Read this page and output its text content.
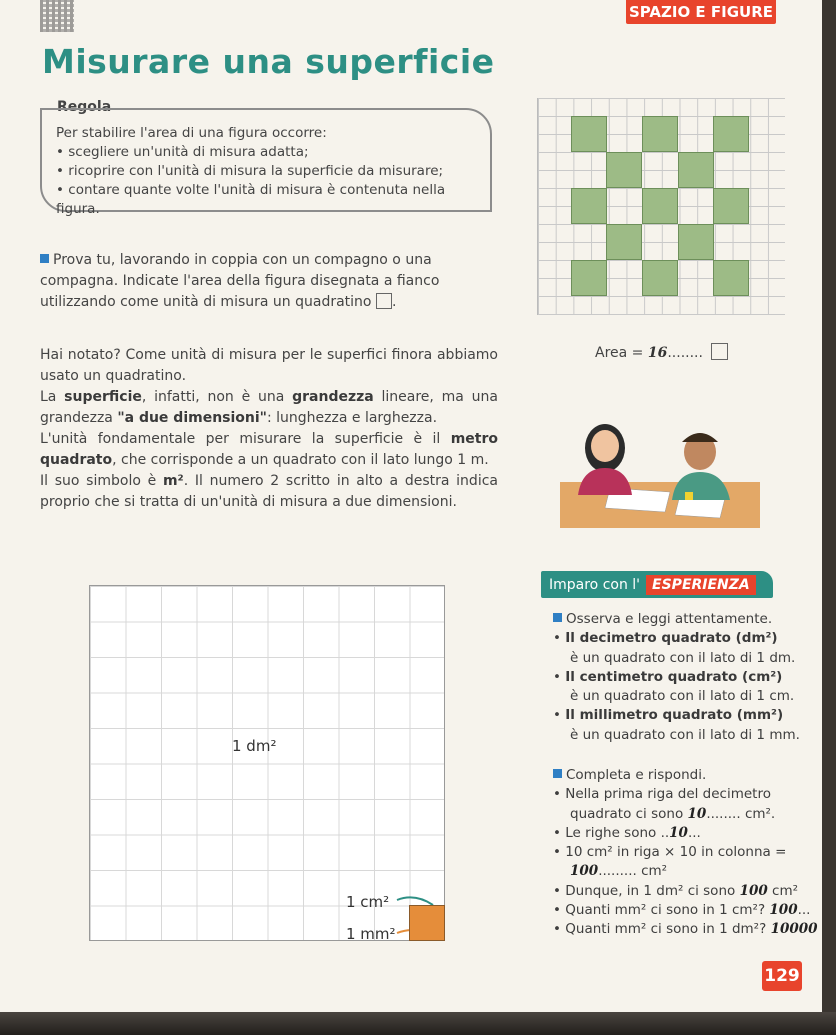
SPAZIO E FIGURE
Misurare una superficie
Regola
Per stabilire l'area di una figura occorre:
• scegliere un'unità di misura adatta;
• ricoprire con l'unità di misura la superficie da misurare;
• contare quante volte l'unità di misura è contenuta nella figura.
Prova tu, lavorando in coppia con un compagno o una compagna. Indicate l'area della figura disegnata a fianco utilizzando come unità di misura un quadratino .
Area = 16........

Hai notato? Come unità di misura per le superfici finora abbiamo usato un quadratino.

La superficie, infatti, non è una grandezza lineare, ma una grandezza "a due dimensioni": lunghezza e larghezza.

L'unità fondamentale per misurare la superficie è il metro quadrato, che corrisponde a un quadrato con il lato lungo 1 m.

Il suo simbolo è m². Il numero 2 scritto in alto a destra indica proprio che si tratta di un'unità di misura a due dimensioni.

1 dm²
1 cm²
1 mm²
Imparo con l' ESPERIENZA
Osserva e leggi attentamente.
• Il decimetro quadrato (dm²)
è un quadrato con il lato di 1 dm.
• Il centimetro quadrato (cm²)
è un quadrato con il lato di 1 cm.
• Il millimetro quadrato (mm²)
è un quadrato con il lato di 1 mm.
Completa e rispondi.
• Nella prima riga del decimetro
quadrato ci sono 10........ cm².
• Le righe sono ..10...
• 10 cm² in riga × 10 in colonna =
100......... cm²
• Dunque, in 1 dm² ci sono 100 cm²
• Quanti mm² ci sono in 1 cm²? 100...
• Quanti mm² ci sono in 1 dm²? 10000
129
